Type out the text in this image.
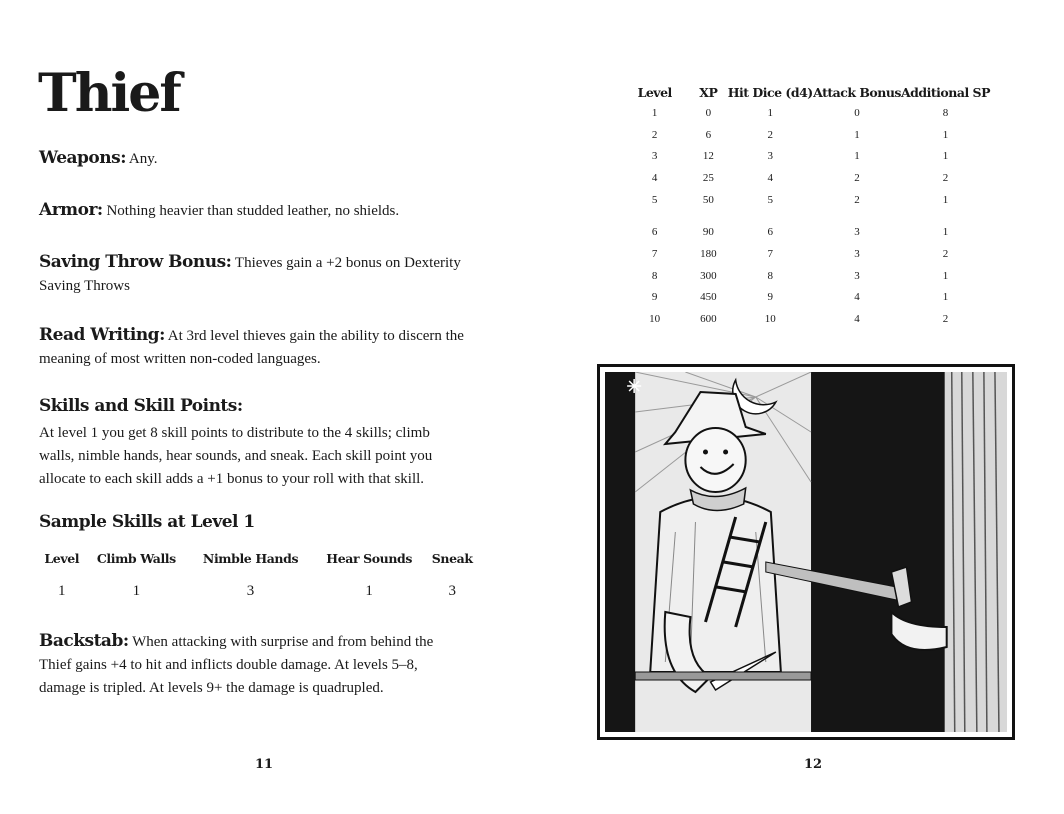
Thief
Weapons: Any.
Armor: Nothing heavier than studded leather, no shields.
Saving Throw Bonus: Thieves gain a +2 bonus on Dexterity
Saving Throws
Read Writing: At 3rd level thieves gain the ability to discern the
meaning of most written non-coded languages.
Skills and Skill Points:
At level 1 you get 8 skill points to distribute to the 4 skills; climb
walls, nimble hands, hear sounds, and sneak. Each skill point you
allocate to each skill adds a +1 bonus to your roll with that skill.
Sample Skills at Level 1
Level	Climb Walls	Nimble Hands	Hear Sounds	Sneak
1	1	3	1	3
Backstab: When attacking with surprise and from behind the
Thief gains +4 to hit and inflicts double damage. At levels 5–8,
damage is tripled. At levels 9+ the damage is quadrupled.
11
Level	XP	Hit Dice (d4)	Attack Bonus	Additional SP
1	0	1	0	8
2	6	2	1	1
3	12	3	1	1
4	25	4	2	2
5	50	5	2	1
6	90	6	3	1
7	180	7	3	2
8	300	8	3	1
9	450	9	4	1
10	600	10	4	2
12
